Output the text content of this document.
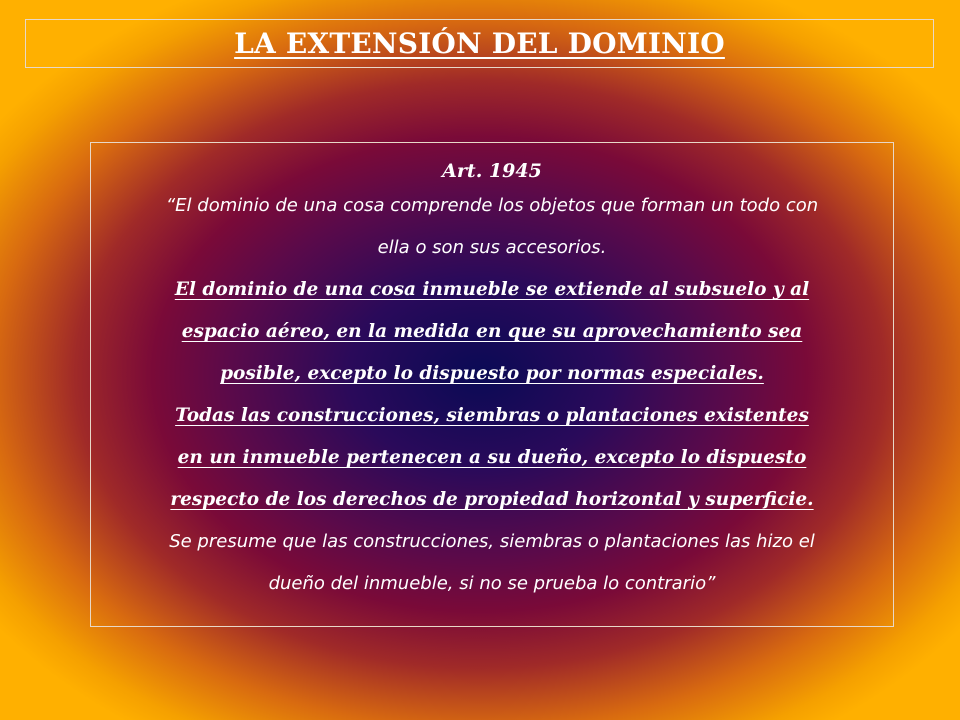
LA EXTENSIÓN DEL DOMINIO
Art. 1945
“El dominio de una cosa comprende los objetos que forman un todo con
ella o son sus accesorios.
El dominio de una cosa inmueble se extiende al subsuelo y al
espacio aéreo, en la medida en que su aprovechamiento sea
posible, excepto lo dispuesto por normas especiales.
Todas las construcciones, siembras o plantaciones existentes
en un inmueble pertenecen a su dueño, excepto lo dispuesto
respecto de los derechos de propiedad horizontal y superficie.
Se presume que las construcciones, siembras o plantaciones las hizo el
dueño del inmueble, si no se prueba lo contrario”
